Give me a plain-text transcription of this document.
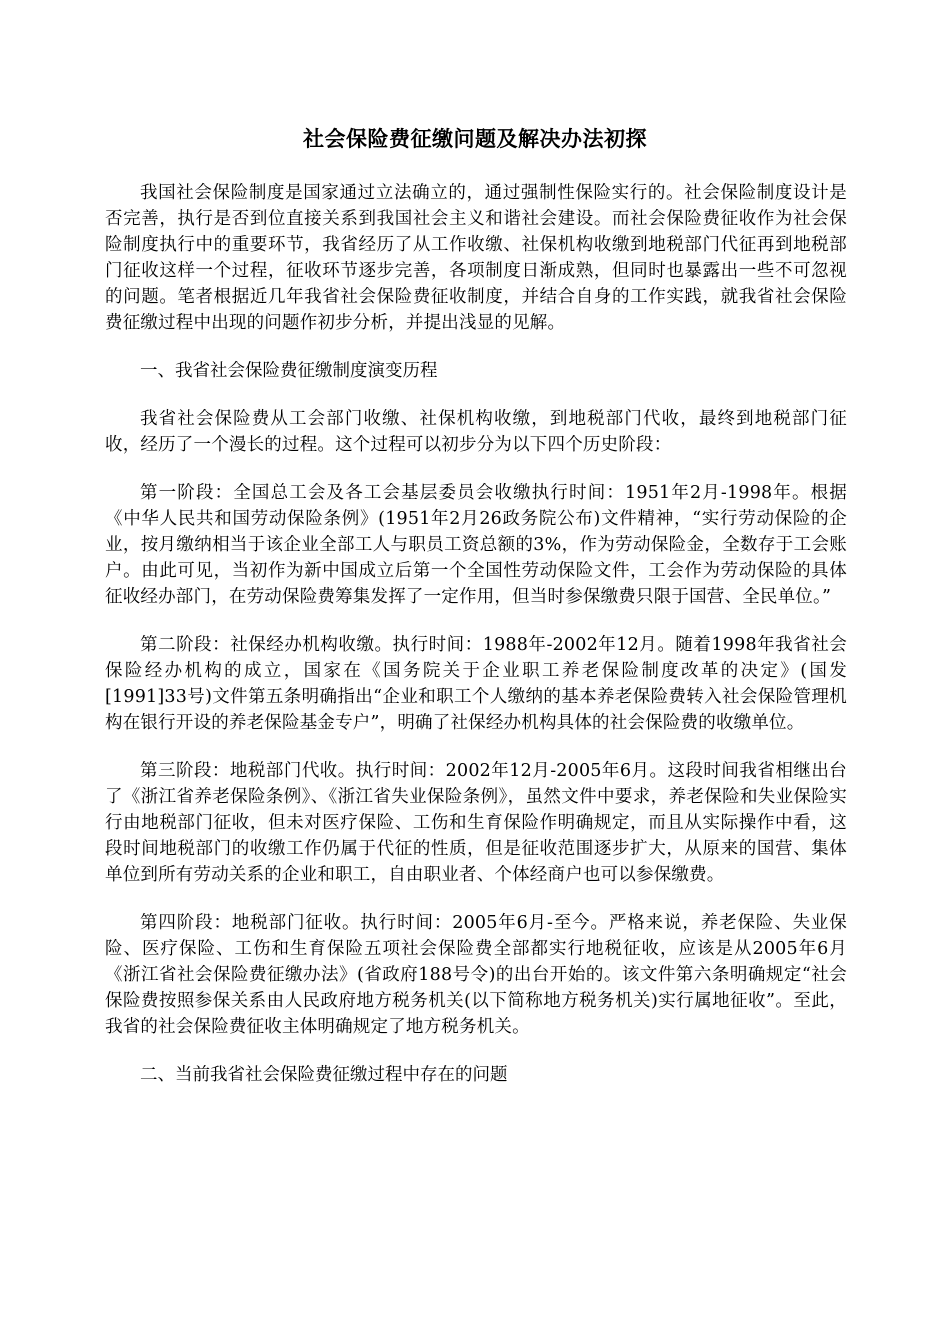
社会保险费征缴问题及解决办法初探

我国社会保险制度是国家通过立法确立的，通过强制性保险实行的。社会保险制度设计是否完善，执行是否到位直接关系到我国社会主义和谐社会建设。而社会保险费征收作为社会保险制度执行中的重要环节，我省经历了从工作收缴、社保机构收缴到地税部门代征再到地税部门征收这样一个过程，征收环节逐步完善，各项制度日渐成熟，但同时也暴露出一些不可忽视的问题。笔者根据近几年我省社会保险费征收制度，并结合自身的工作实践，就我省社会保险费征缴过程中出现的问题作初步分析，并提出浅显的见解。

一、我省社会保险费征缴制度演变历程

我省社会保险费从工会部门收缴、社保机构收缴，到地税部门代收，最终到地税部门征收，经历了一个漫长的过程。这个过程可以初步分为以下四个历史阶段：

第一阶段：全国总工会及各工会基层委员会收缴执行时间：1951年2月-1998年。根据《中华人民共和国劳动保险条例》(1951年2月26政务院公布)文件精神，“实行劳动保险的企业，按月缴纳相当于该企业全部工人与职员工资总额的3%，作为劳动保险金，全数存于工会账户。由此可见，当初作为新中国成立后第一个全国性劳动保险文件，工会作为劳动保险的具体征收经办部门，在劳动保险费筹集发挥了一定作用，但当时参保缴费只限于国营、全民单位。”

第二阶段：社保经办机构收缴。执行时间：1988年-2002年12月。随着1998年我省社会保险经办机构的成立，国家在《国务院关于企业职工养老保险制度改革的决定》(国发[1991]33号)文件第五条明确指出“企业和职工个人缴纳的基本养老保险费转入社会保险管理机构在银行开设的养老保险基金专户”，明确了社保经办机构具体的社会保险费的收缴单位。

第三阶段：地税部门代收。执行时间：2002年12月-2005年6月。这段时间我省相继出台了《浙江省养老保险条例》、《浙江省失业保险条例》，虽然文件中要求，养老保险和失业保险实行由地税部门征收，但未对医疗保险、工伤和生育保险作明确规定，而且从实际操作中看，这段时间地税部门的收缴工作仍属于代征的性质，但是征收范围逐步扩大，从原来的国营、集体单位到所有劳动关系的企业和职工，自由职业者、个体经商户也可以参保缴费。

第四阶段：地税部门征收。执行时间：2005年6月-至今。严格来说，养老保险、失业保险、医疗保险、工伤和生育保险五项社会保险费全部都实行地税征收，应该是从2005年6月《浙江省社会保险费征缴办法》(省政府188号令)的出台开始的。该文件第六条明确规定“社会保险费按照参保关系由人民政府地方税务机关(以下简称地方税务机关)实行属地征收”。至此，我省的社会保险费征收主体明确规定了地方税务机关。

二、当前我省社会保险费征缴过程中存在的问题
